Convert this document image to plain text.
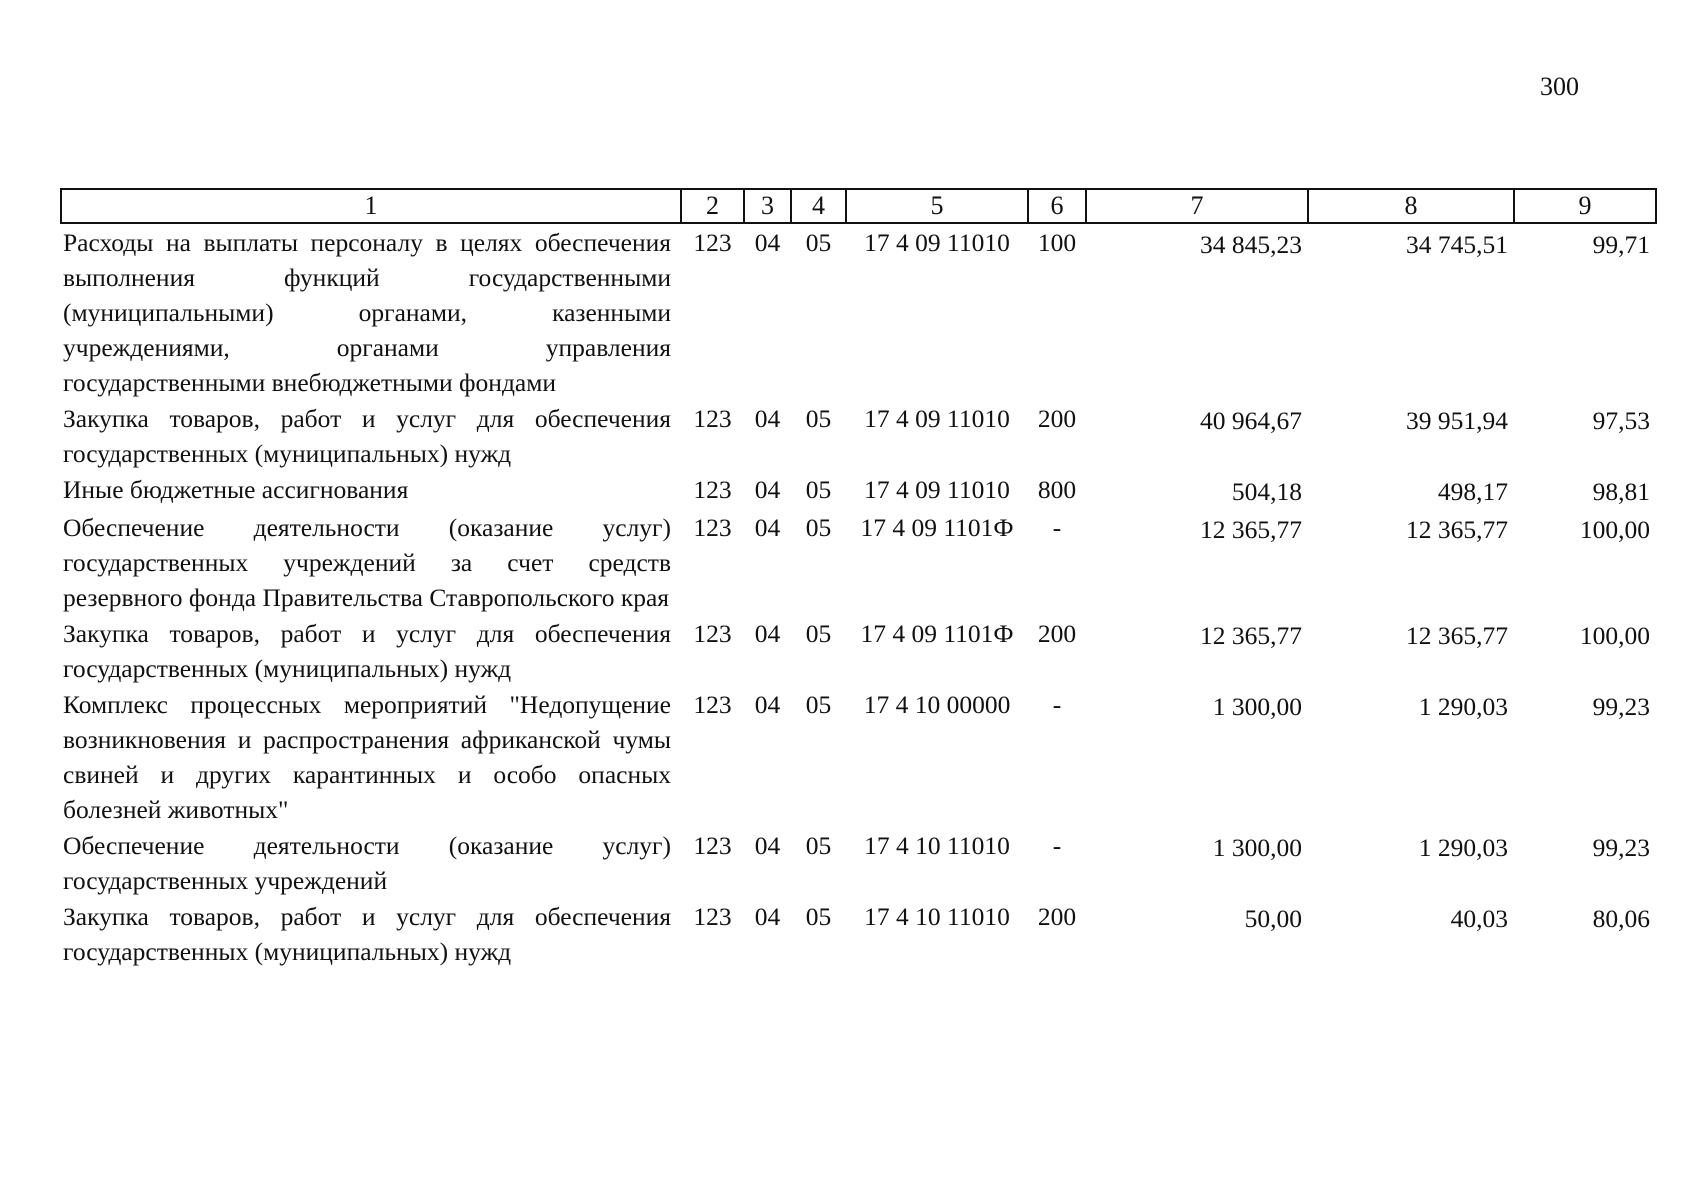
300
1	2	3	4	5	6	7	8	9
Расходы на выплаты персоналу в целях обеспечения выполнения функций государственными (муниципальными) органами, казенными учреждениями, органами управления государственными внебюджетными фондами	123	04	05	17 4 09 11010	100	34 845,23	34 745,51	99,71
Закупка товаров, работ и услуг для обеспечения государственных (муниципальных) нужд	123	04	05	17 4 09 11010	200	40 964,67	39 951,94	97,53
Иные бюджетные ассигнования	123	04	05	17 4 09 11010	800	504,18	498,17	98,81
Обеспечение деятельности (оказание услуг) государственных учреждений за счет средств резервного фонда Правительства Ставропольского края	123	04	05	17 4 09 1101Ф	-	12 365,77	12 365,77	100,00
Закупка товаров, работ и услуг для обеспечения государственных (муниципальных) нужд	123	04	05	17 4 09 1101Ф	200	12 365,77	12 365,77	100,00
Комплекс процессных мероприятий "Недопущение возникновения и распространения африканской чумы свиней и других карантинных и особо опасных болезней животных"	123	04	05	17 4 10 00000	-	1 300,00	1 290,03	99,23
Обеспечение деятельности (оказание услуг) государственных учреждений	123	04	05	17 4 10 11010	-	1 300,00	1 290,03	99,23
Закупка товаров, работ и услуг для обеспечения государственных (муниципальных) нужд	123	04	05	17 4 10 11010	200	50,00	40,03	80,06
